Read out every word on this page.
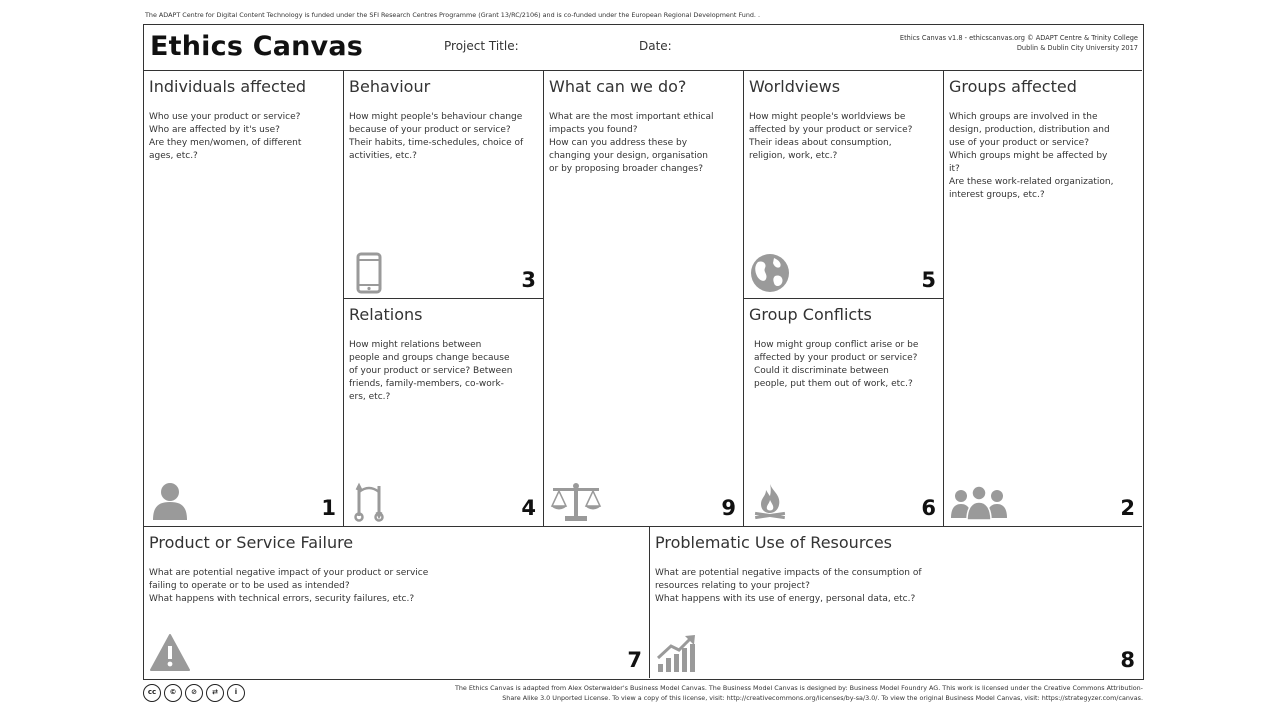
The ADAPT Centre for Digital Content Technology is funded under the SFI Research Centres Programme (Grant 13/RC/2106) and is co-funded under the European Regional Development Fund. .
Ethics Canvas	Project Title:	Date:
Ethics Canvas v1.8 - ethicscanvas.org © ADAPT Centre & Trinity College
Dublin & Dublin City University 2017
Individuals affected
Who use your product or service?
Who are affected by it's use?
Are they men/women, of different
ages, etc.?
1
Behaviour
How might people's behaviour change
because of your product or service?
Their habits, time-schedules, choice of
activities, etc.?
3
Relations
How might relations between
people and groups change because
of your product or service? Between
friends, family-members, co-work-
ers, etc.?
4
What can we do?
What are the most important ethical
impacts you found?
How can you address these by
changing your design, organisation
or by proposing broader changes?
9
Worldviews
How might people's worldviews be
affected by your product or service?
Their ideas about consumption,
religion, work, etc.?
5
Group Conflicts
How might group conflict arise or be
affected by your product or service?
Could it discriminate between
people, put them out of work, etc.?
6
Groups affected
Which groups are involved in the
design, production, distribution and
use of your product or service?
Which groups might be affected by
it?
Are these work-related organization,
interest groups, etc.?
2
Product or Service Failure
What are potential negative impact of your product or service
failing to operate or to be used as intended?
What happens with technical errors, security failures, etc.?
7
Problematic Use of Resources
What are potential negative impacts of the consumption of
resources relating to your project?
What happens with its use of energy, personal data, etc.?
8
cc	©	⊘	⇄	i	The Ethics Canvas is adapted from Alex Osterwalder's Business Model Canvas. The Business Model Canvas is designed by: Business Model Foundry AG. This work is licensed under the Creative Commons Attribution-
Share Alike 3.0 Unported License. To view a copy of this license, visit: http://creativecommons.org/licenses/by-sa/3.0/. To view the original Business Model Canvas, visit: https://strategyzer.com/canvas.
